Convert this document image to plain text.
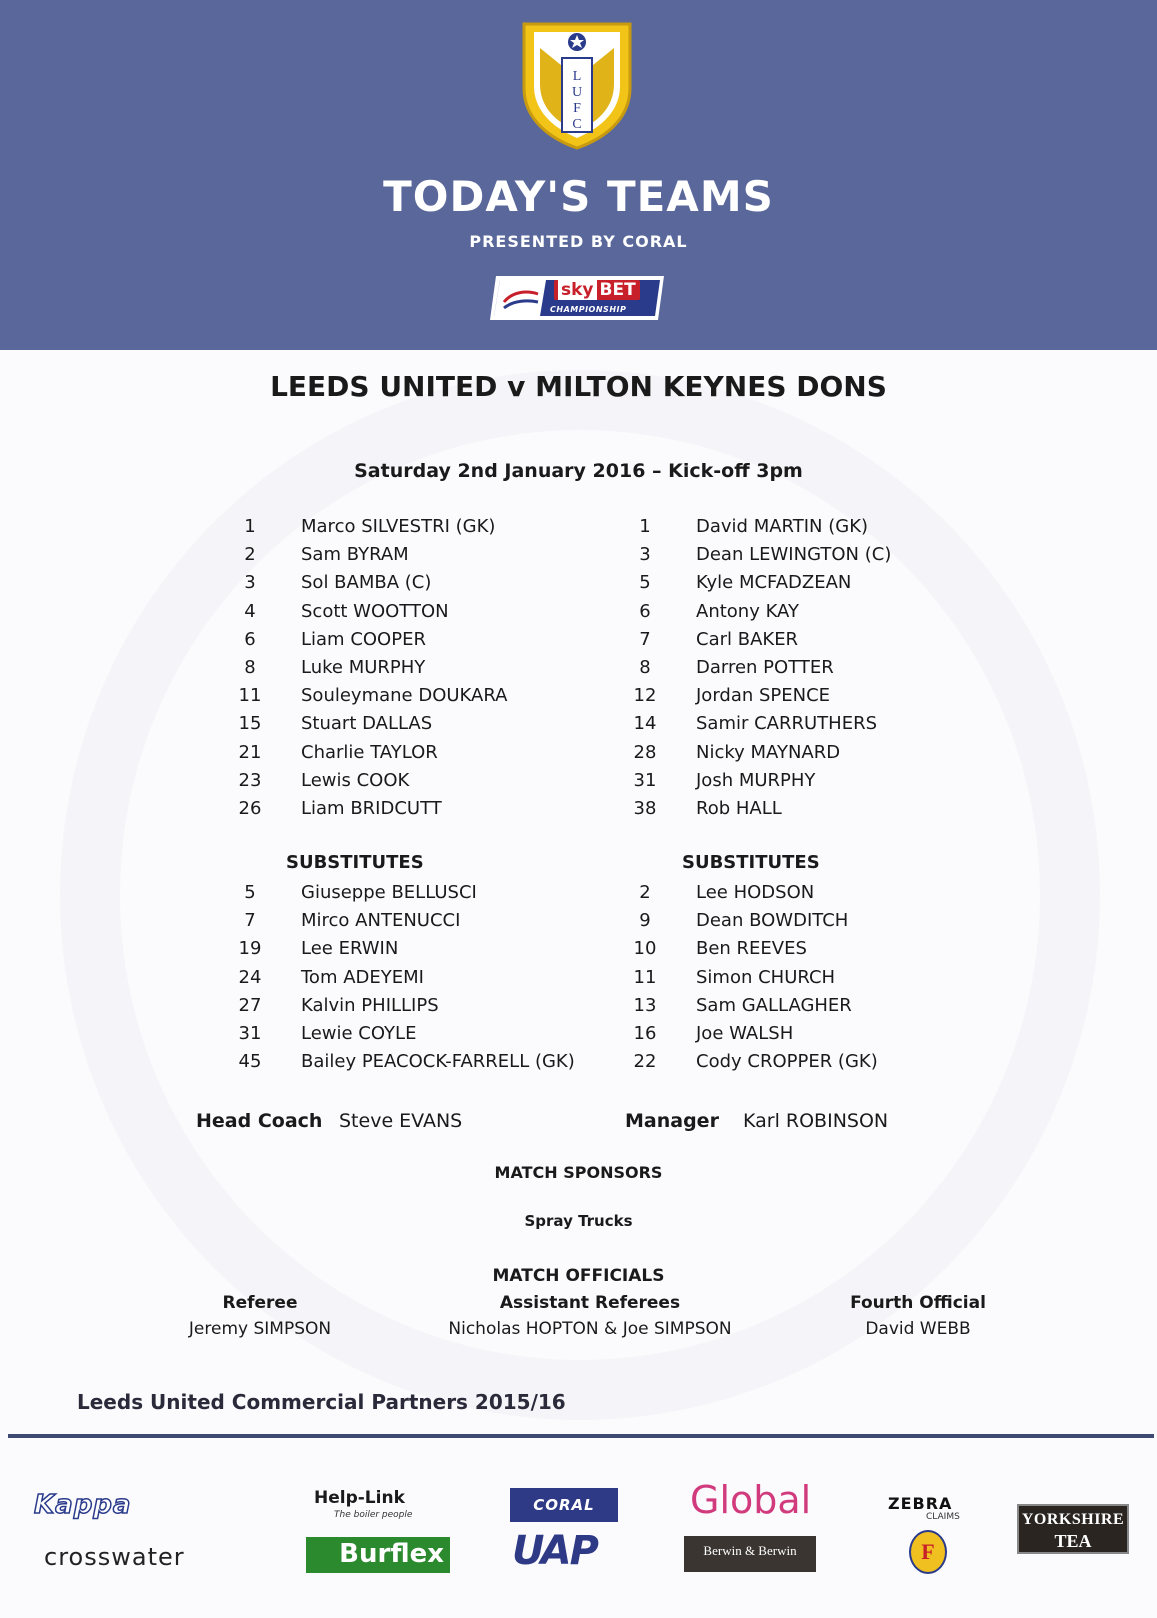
L
U
F
C
TODAY'S TEAMS
PRESENTED BY CORAL
sky BET
CHAMPIONSHIP
LEEDS UNITED v MILTON KEYNES DONS
Saturday 2nd January 2016 – Kick-off 3pm
1	Marco SILVESTRI (GK)
2	Sam BYRAM
3	Sol BAMBA (C)
4	Scott WOOTTON
6	Liam COOPER
8	Luke MURPHY
11	Souleymane DOUKARA
15	Stuart DALLAS
21	Charlie TAYLOR
23	Lewis COOK
26	Liam BRIDCUTT
1	David MARTIN (GK)
3	Dean LEWINGTON (C)
5	Kyle MCFADZEAN
6	Antony KAY
7	Carl BAKER
8	Darren POTTER
12	Jordan SPENCE
14	Samir CARRUTHERS
28	Nicky MAYNARD
31	Josh MURPHY
38	Rob HALL
SUBSTITUTES	SUBSTITUTES
5	Giuseppe BELLUSCI
7	Mirco ANTENUCCI
19	Lee ERWIN
24	Tom ADEYEMI
27	Kalvin PHILLIPS
31	Lewie COYLE
45	Bailey PEACOCK-FARRELL (GK)
2	Lee HODSON
9	Dean BOWDITCH
10	Ben REEVES
11	Simon CHURCH
13	Sam GALLAGHER
16	Joe WALSH
22	Cody CROPPER (GK)
Head Coach Steve EVANS	Manager Karl ROBINSON
MATCH SPONSORS
Spray Trucks
MATCH OFFICIALS
Referee
Jeremy SIMPSON
Assistant Referees
Nicholas HOPTON & Joe SIMPSON
Fourth Official
David WEBB
Leeds United Commercial Partners 2015/16
Kappa
crosswater
Help-Link
The boiler people
Burflex
CORAL
UAP
Global
Berwin & Berwin
ZEBRA
CLAIMS
F
YORKSHIRE
TEA
